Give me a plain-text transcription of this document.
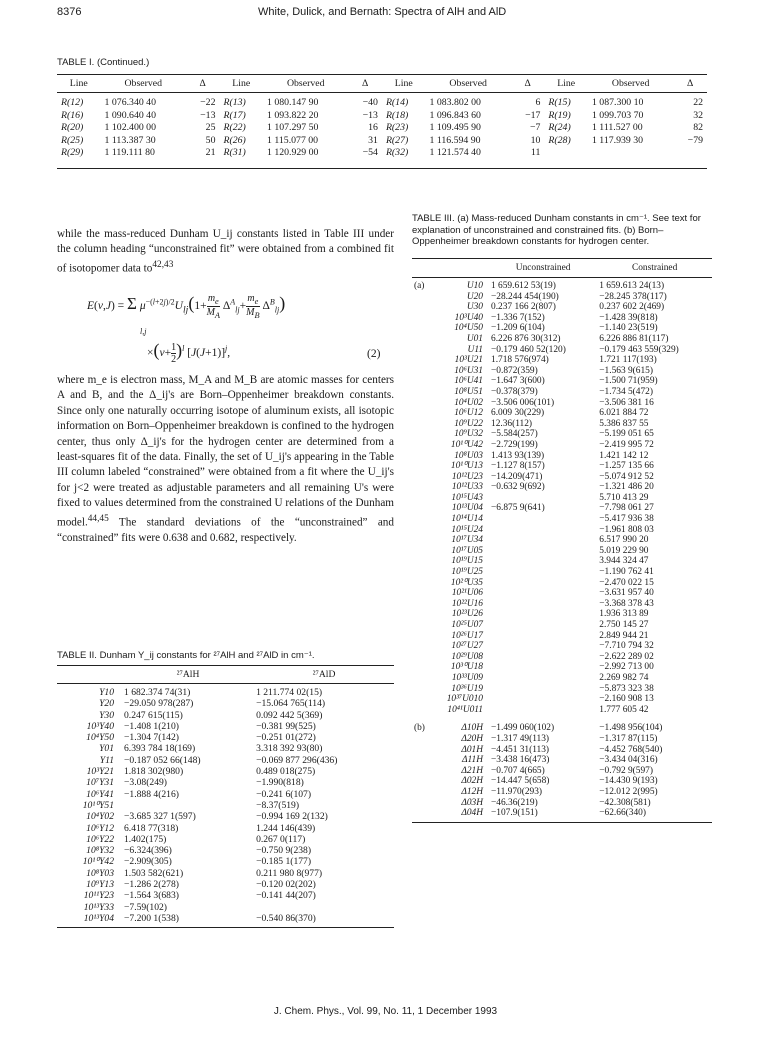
8376	White, Dulick, and Bernath: Spectra of AlH and AlD
TABLE I. (Continued.)
Line	Observed	Δ	Line	Observed	Δ	Line	Observed	Δ	Line	Observed	Δ
R(12)	1 076.340 40	−22	R(13)	1 080.147 90	−40	R(14)	1 083.802 00	6	R(15)	1 087.300 10	22
R(16)	1 090.640 40	−13	R(17)	1 093.822 20	−13	R(18)	1 096.843 60	−17	R(19)	1 099.703 70	32
R(20)	1 102.400 00	25	R(22)	1 107.297 50	16	R(23)	1 109.495 90	−7	R(24)	1 111.527 00	82
R(25)	1 113.387 30	50	R(26)	1 115.077 00	31	R(27)	1 116.594 90	10	R(28)	1 117.939 30	−79
R(29)	1 119.111 80	21	R(31)	1 120.929 00	−54	R(32)	1 121.574 40	11			

while the mass-reduced Dunham U_ij constants listed in Table III under the column heading “unconstrained fit” were obtained from a combined fit of isotopomer data to$^{42,43}$

E(v,J) = Σ $\mu^{-(l+2j)/2}U_{lj}(1+ \frac{m_e}{M_A} \Delta^A_{lj}+ \frac{m_e}{M_B} \Delta^B_{lj})$
l,j
$\times(v+ \frac{1}{2} )^l$ $[J(J+1)]^j$,	(2)

where m_e is electron mass, M_A and M_B are atomic masses for centers A and B, and the Δ_ij's are Born–Oppenheimer breakdown constants. Since only one naturally occurring isotope of aluminum exists, all isotopic information on Born–Oppenheimer breakdown is confined to the hydrogen center, thus only Δ_ij's for the hydrogen center are determined from a least-squares fit of the data. Finally, the set of U_ij's appearing in the Table III column labeled “constrained” were obtained from a fit where the U_ij's for j<2 were treated as adjustable parameters and all remaining U's were fixed to values determined from the constrained U relations of the Dunham model.$^{44,45}$ The standard deviations of the “unconstrained” and “constrained” fits were 0.638 and 0.682, respectively.

TABLE II. Dunham Y_ij constants for ²⁷AlH and ²⁷AlD in cm⁻¹.
	²⁷AlH	²⁷AlD
Y10	1 682.374 74(31)	1 211.774 02(15)
Y20	−29.050 978(287)	−15.064 765(114)
Y30	0.247 615(115)	0.092 442 5(369)
10³Y40	−1.408 1(210)	−0.381 99(525)
10⁴Y50	−1.304 7(142)	−0.251 01(272)
Y01	6.393 784 18(169)	3.318 392 93(80)
Y11	−0.187 052 66(148)	−0.069 877 296(436)
10³Y21	1.818 302(980)	0.489 018(275)
10⁷Y31	−3.08(249)	−1.990(818)
10⁶Y41	−1.888 4(216)	−0.241 6(107)
10¹⁰Y51		−8.37(519)
10⁴Y02	−3.685 327 1(597)	−0.994 169 2(132)
10⁶Y12	6.418 77(318)	1.244 146(439)
10⁶Y22	1.402(175)	0.267 0(117)
10⁸Y32	−6.324(396)	−0.750 9(238)
10¹⁰Y42	−2.909(305)	−0.185 1(177)
10⁸Y03	1.503 582(621)	0.211 980 8(977)
10⁹Y13	−1.286 2(278)	−0.120 02(202)
10¹¹Y23	−1.564 3(683)	−0.141 44(207)
10¹³Y33	−7.59(102)	
10¹³Y04	−7.200 1(538)	−0.540 86(370)
TABLE III. (a) Mass-reduced Dunham constants in cm⁻¹. See text for explanation of unconstrained and constrained fits. (b) Born–Oppenheimer breakdown constants for hydrogen center.
		Unconstrained	Constrained
(a)	U10	1 659.612 53(19)	1 659.613 24(13)
	U20	−28.244 454(190)	−28.245 378(117)
	U30	0.237 166 2(807)	0.237 602 2(469)
	10³U40	−1.336 7(152)	−1.428 39(818)
	10⁴U50	−1.209 6(104)	−1.140 23(519)
	U01	6.226 876 30(312)	6.226 886 81(117)
	U11	−0.179 460 52(120)	−0.179 463 559(329)
	10³U21	1.718 576(974)	1.721 117(193)
	10⁶U31	−0.872(359)	−1.563 9(615)
	10⁶U41	−1.647 3(600)	−1.500 71(959)
	10⁸U51	−0.378(379)	−1.734 5(472)
	10⁴U02	−3.506 006(101)	−3.506 381 16
	10⁶U12	6.009 30(229)	6.021 884 72
	10⁹U22	12.36(112)	5.386 837 55
	10⁹U32	−5.584(257)	−5.199 051 65
	10¹⁰U42	−2.729(199)	−2.419 995 72
	10⁸U03	1.413 93(139)	1.421 142 12
	10¹⁰U13	−1.127 8(157)	−1.257 135 66
	10¹²U23	−14.209(471)	−5.074 912 52
	10¹²U33	−0.632 9(692)	−1.321 486 20
	10¹⁵U43		5.710 413 29
	10¹³U04	−6.875 9(641)	−7.798 061 27
	10¹⁴U14		−5.417 936 38
	10¹⁵U24		−1.961 808 03
	10¹⁷U34		6.517 990 20
	10¹⁷U05		5.019 229 90
	10¹⁹U15		3.944 324 47
	10¹⁹U25		−1.190 762 41
	10²⁰U35		−2.470 022 15
	10²¹U06		−3.631 957 40
	10²²U16		−3.368 378 43
	10²³U26		1.936 313 89
	10²⁵U07		2.750 145 27
	10²⁶U17		2.849 944 21
	10²⁷U27		−7.710 794 32
	10²⁹U08		−2.622 289 02
	10³⁰U18		−2.992 713 00
	10³³U09		2.269 982 74
	10³⁶U19		−5.873 323 38
	10³⁷U010		−2.160 908 13
	10⁴¹U011		1.777 605 42
(b)	Δ10H	−1.499 060(102)	−1.498 956(104)
	Δ20H	−1.317 49(113)	−1.317 87(115)
	Δ01H	−4.451 31(113)	−4.452 768(540)
	Δ11H	−3.438 16(473)	−3.434 04(316)
	Δ21H	−0.707 4(665)	−0.792 9(597)
	Δ02H	−14.447 5(658)	−14.430 9(193)
	Δ12H	−11.970(293)	−12.012 2(995)
	Δ03H	−46.36(219)	−42.308(581)
	Δ04H	−107.9(151)	−62.66(340)
J. Chem. Phys., Vol. 99, No. 11, 1 December 1993
